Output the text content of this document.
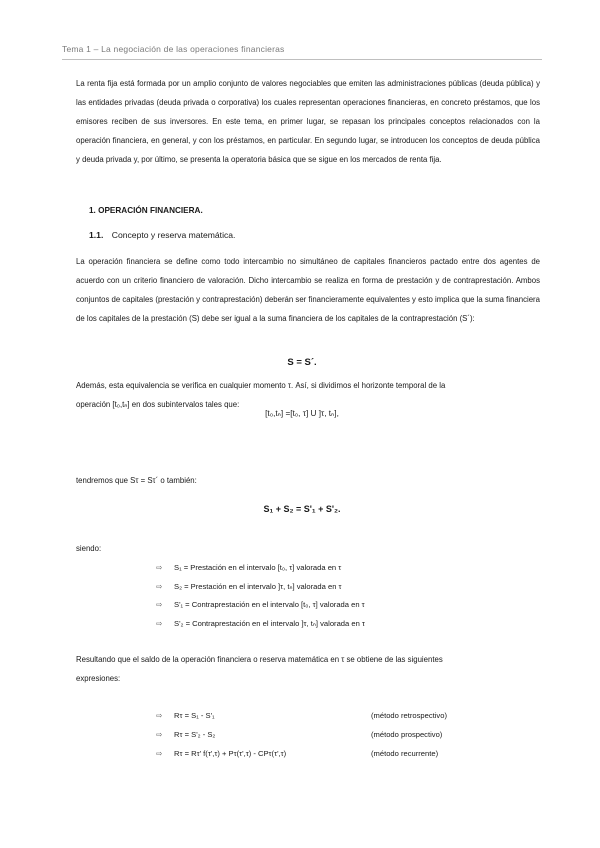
Tema 1 – La negociación de las operaciones financieras
La renta fija está formada por un amplio conjunto de valores negociables que emiten las administraciones públicas (deuda pública) y las entidades privadas (deuda privada o corporativa) los cuales representan operaciones financieras, en concreto préstamos, que los emisores reciben de sus inversores. En este tema, en primer lugar, se repasan los principales conceptos relacionados con la operación financiera, en general, y con los préstamos, en particular. En segundo lugar, se introducen los conceptos de deuda pública y deuda privada y, por último, se presenta la operatoria básica que se sigue en los mercados de renta fija.
1. OPERACIÓN FINANCIERA.
1.1. Concepto y reserva matemática.
La operación financiera se define como todo intercambio no simultáneo de capitales financieros pactado entre dos agentes de acuerdo con un criterio financiero de valoración. Dicho intercambio se realiza en forma de prestación y de contraprestación. Ambos conjuntos de capitales (prestación y contraprestación) deberán ser financieramente equivalentes y esto implica que la suma financiera de los capitales de la prestación (S) debe ser igual a la suma financiera de los capitales de la contraprestación (S´):
S = S´.
Además, esta equivalencia se verifica en cualquier momento τ. Así, si dividimos el horizonte temporal de la
operación [t₀,tₙ] en dos subintervalos tales que:
[t₀,tₙ] =[t₀, τ] U ]τ, tₙ],
tendremos que Sτ = Sτ´ o también:
S₁ + S₂ = S'₁ + S'₂.
siendo:
⇨ S₁ = Prestación en el intervalo [t₀, τ] valorada en τ
⇨ S₂ = Prestación en el intervalo ]τ, tₙ] valorada en τ
⇨ S'₁ = Contraprestación en el intervalo [t₀, τ] valorada en τ
⇨ S'₂ = Contraprestación en el intervalo ]τ, tₙ] valorada en τ
Resultando que el saldo de la operación financiera o reserva matemática en τ se obtiene de las siguientes
expresiones:
⇨ Rτ = S₁ - S'₁	(método retrospectivo)
⇨ Rτ = S'₂ - S₂	(método prospectivo)
⇨ Rτ = Rτ' f(τ',τ) + Pτ(τ',τ) - CPτ(τ',τ)	(método recurrente)
